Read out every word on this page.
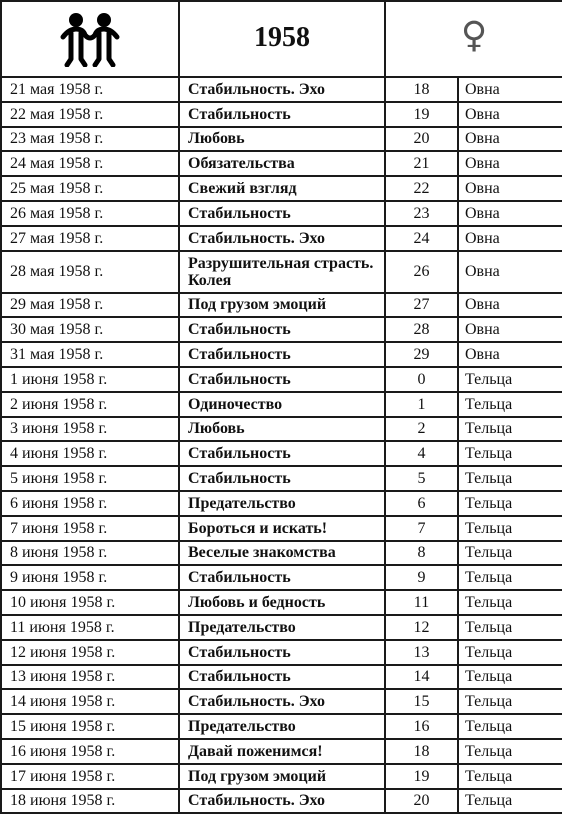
	1958	♀	
21 мая 1958 г.	Стабильность. Эхо	18	Овна
22 мая 1958 г.	Стабильность	19	Овна
23 мая 1958 г.	Любовь	20	Овна
24 мая 1958 г.	Обязательства	21	Овна
25 мая 1958 г.	Свежий взгляд	22	Овна
26 мая 1958 г.	Стабильность	23	Овна
27 мая 1958 г.	Стабильность. Эхо	24	Овна
28 мая 1958 г.	Разрушительная страсть. Колея	26	Овна
29 мая 1958 г.	Под грузом эмоций	27	Овна
30 мая 1958 г.	Стабильность	28	Овна
31 мая 1958 г.	Стабильность	29	Овна
1 июня 1958 г.	Стабильность	0	Тельца
2 июня 1958 г.	Одиночество	1	Тельца
3 июня 1958 г.	Любовь	2	Тельца
4 июня 1958 г.	Стабильность	4	Тельца
5 июня 1958 г.	Стабильность	5	Тельца
6 июня 1958 г.	Предательство	6	Тельца
7 июня 1958 г.	Бороться и искать!	7	Тельца
8 июня 1958 г.	Веселые знакомства	8	Тельца
9 июня 1958 г.	Стабильность	9	Тельца
10 июня 1958 г.	Любовь и бедность	11	Тельца
11 июня 1958 г.	Предательство	12	Тельца
12 июня 1958 г.	Стабильность	13	Тельца
13 июня 1958 г.	Стабильность	14	Тельца
14 июня 1958 г.	Стабильность. Эхо	15	Тельца
15 июня 1958 г.	Предательство	16	Тельца
16 июня 1958 г.	Давай поженимся!	18	Тельца
17 июня 1958 г.	Под грузом эмоций	19	Тельца
18 июня 1958 г.	Стабильность. Эхо	20	Тельца
